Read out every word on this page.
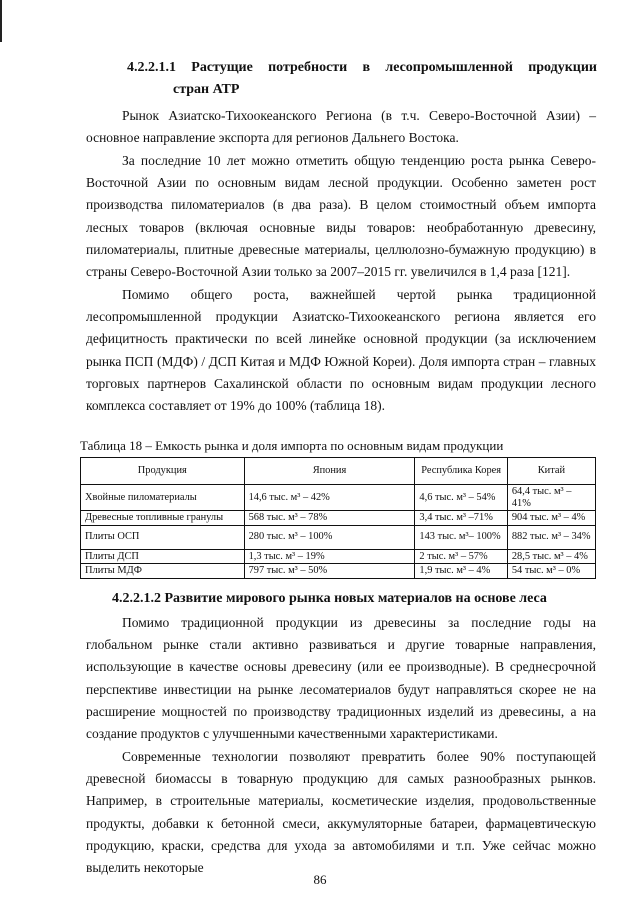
4.2.2.1.1 Растущие потребности в лесопромышленной продукции
стран АТР

Рынок Азиатско-Тихоокеанского Региона (в т.ч. Северо-Восточной Азии) – основное направление экспорта для регионов Дальнего Востока.

За последние 10 лет можно отметить общую тенденцию роста рынка Северо-Восточной Азии по основным видам лесной продукции. Особенно заметен рост производства пиломатериалов (в два раза). В целом стоимостный объем импорта лесных товаров (включая основные виды товаров: необработанную древесину, пиломатериалы, плитные древесные материалы, целлюлозно-бумажную продукцию) в страны Северо-Восточной Азии только за 2007–2015 гг. увеличился в 1,4 раза [121].

Помимо общего роста, важнейшей чертой рынка традиционной лесопромышленной продукции Азиатско-Тихоокеанского региона является его дефицитность практически по всей линейке основной продукции (за исключением рынка ПСП (МДФ) / ДСП Китая и МДФ Южной Кореи). Доля импорта стран – главных торговых партнеров Сахалинской области по основным видам продукции лесного комплекса составляет от 19% до 100% (таблица 18).

Таблица 18 – Емкость рынка и доля импорта по основным видам продукции
Продукция	Япония	Республика Корея	Китай
Хвойные пиломатериалы	14,6 тыс. м³ – 42%	4,6 тыс. м³ – 54%	64,4 тыс. м³ – 41%
Древесные топливные гранулы	568 тыс. м³ – 78%	3,4 тыс. м³ –71%	904 тыс. м³ – 4%
Плиты ОСП	280 тыс. м³ – 100%	143 тыс. м³– 100%	882 тыс. м³ – 34%
Плиты ДСП	1,3 тыс. м³ – 19%	2 тыс. м³ – 57%	28,5 тыс. м³ – 4%
Плиты МДФ	797 тыс. м³ – 50%	1,9 тыс. м³ – 4%	54 тыс. м³ – 0%
4.2.2.1.2 Развитие мирового рынка новых материалов на основе леса

Помимо традиционной продукции из древесины за последние годы на глобальном рынке стали активно развиваться и другие товарные направления, использующие в качестве основы древесину (или ее производные). В среднесрочной перспективе инвестиции на рынке лесоматериалов будут направляться скорее не на расширение мощностей по производству традиционных изделий из древесины, а на создание продуктов с улучшенными качественными характеристиками.

Современные технологии позволяют превратить более 90% поступающей древесной биомассы в товарную продукцию для самых разнообразных рынков. Например, в строительные материалы, косметические изделия, продовольственные продукты, добавки к бетонной смеси, аккумуляторные батареи, фармацевтическую продукцию, краски, средства для ухода за автомобилями и т.п. Уже сейчас можно выделить некоторые

86
